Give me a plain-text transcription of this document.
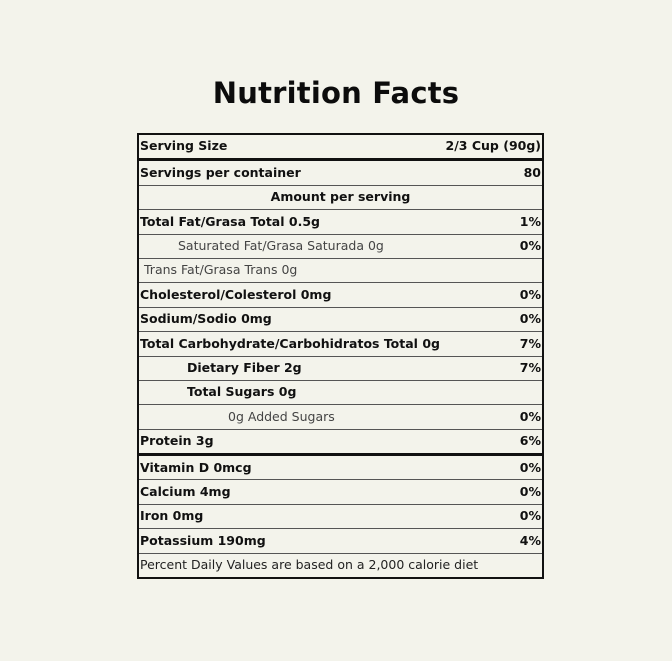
Nutrition Facts
Serving Size	2/3 Cup (90g)
Servings per container	80
Amount per serving
Total Fat/Grasa Total 0.5g	1%
Saturated Fat/Grasa Saturada 0g	0%
Trans Fat/Grasa Trans 0g
Cholesterol/Colesterol 0mg	0%
Sodium/Sodio 0mg	0%
Total Carbohydrate/Carbohidratos Total 0g	7%
Dietary Fiber 2g	7%
Total Sugars 0g
0g Added Sugars	0%
Protein 3g	6%
Vitamin D 0mcg	0%
Calcium 4mg	0%
Iron 0mg	0%
Potassium 190mg	4%
Percent Daily Values are based on a 2,000 calorie diet
